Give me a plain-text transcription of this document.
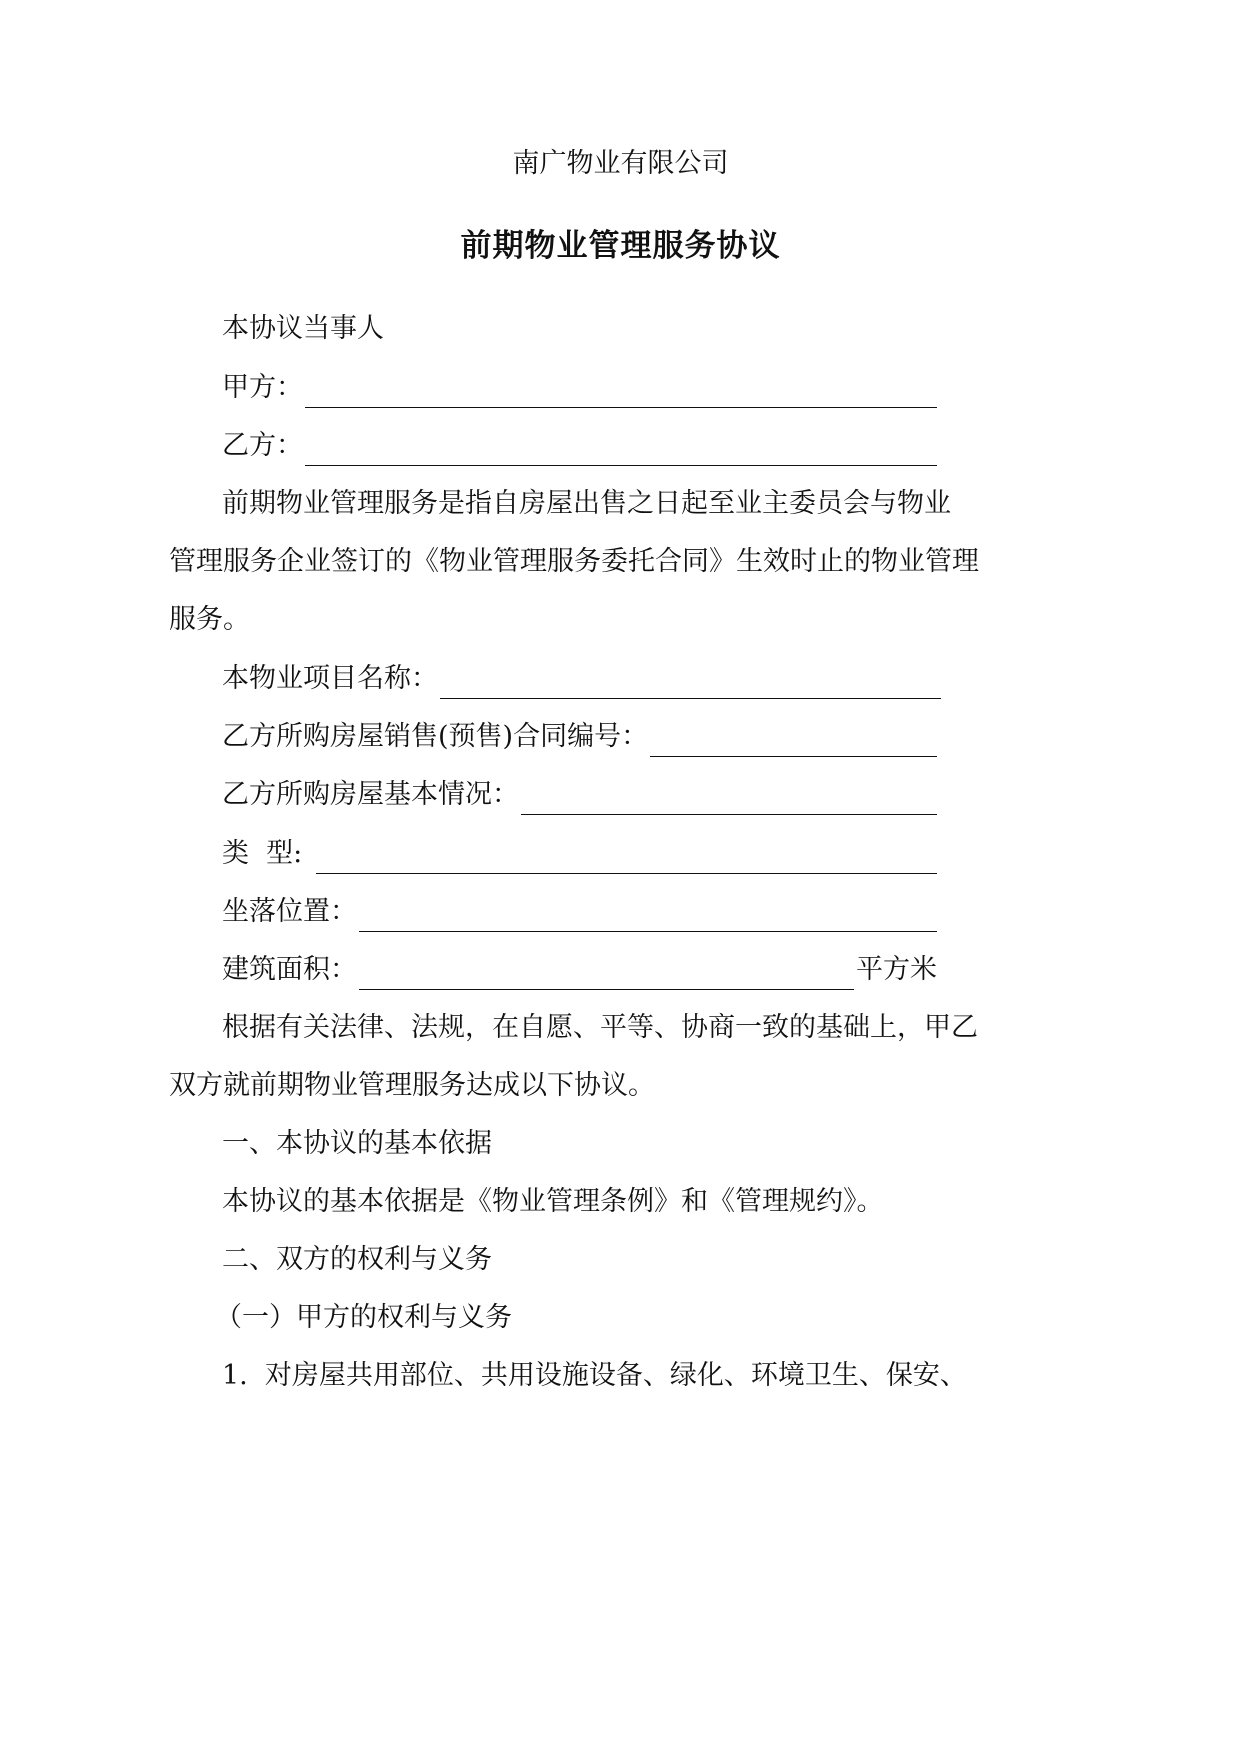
南广物业有限公司
前期物业管理服务协议
本协议当事人
甲方：
乙方：
前期物业管理服务是指自房屋出售之日起至业主委员会与物业
管理服务企业签订的《物业管理服务委托合同》生效时止的物业管理
服务。
本物业项目名称：
乙方所购房屋销售(预售)合同编号：
乙方所购房屋基本情况：
类  型:
坐落位置：
建筑面积：	平方米
根据有关法律、法规，在自愿、平等、协商一致的基础上，甲乙
双方就前期物业管理服务达成以下协议。
一、本协议的基本依据
本协议的基本依据是《物业管理条例》和《管理规约》。
二、双方的权利与义务
（一）甲方的权利与义务
1.  对房屋共用部位、共用设施设备、绿化、环境卫生、保安、
